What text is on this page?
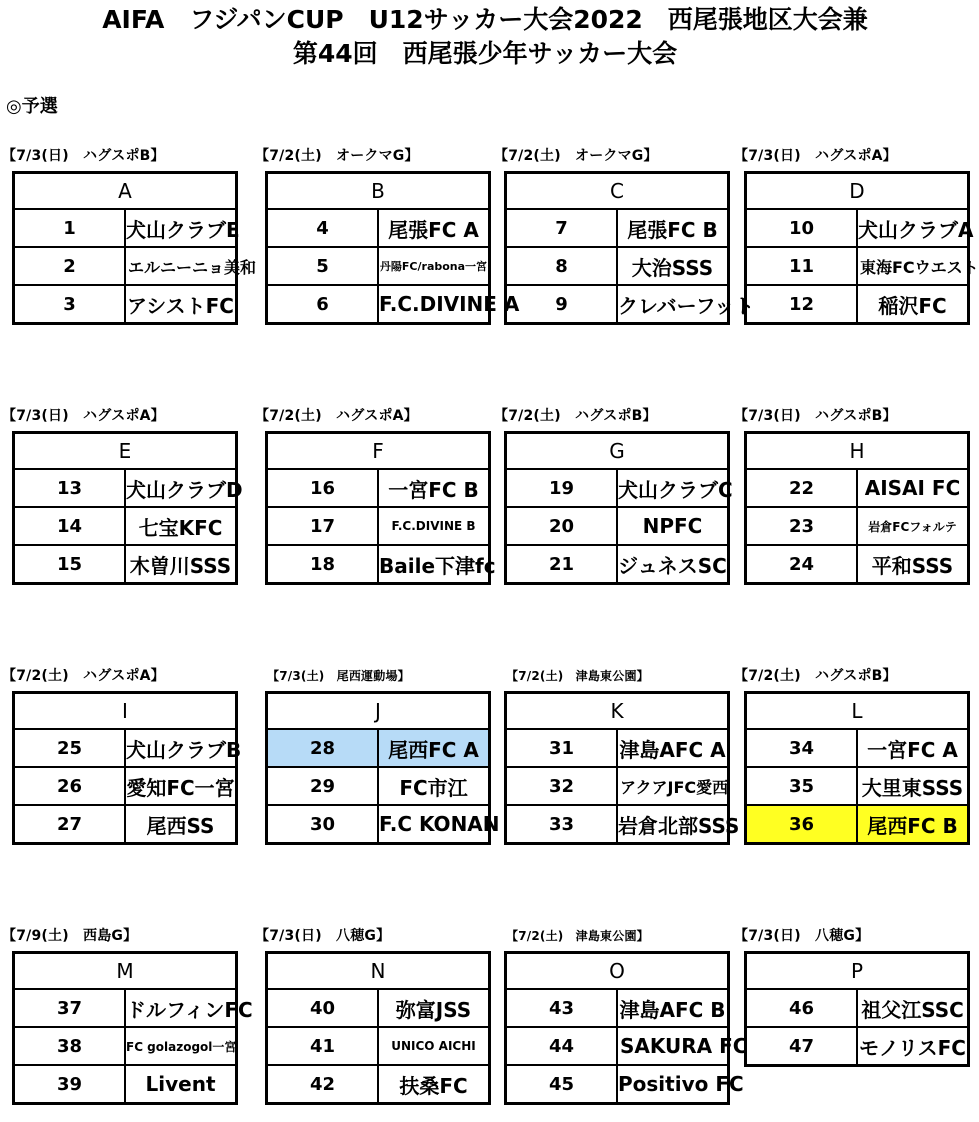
AIFA　フジパンCUP　U12サッカー大会2022　西尾張地区大会兼
第44回　西尾張少年サッカー大会
◎予選
【7/3(日)　ハグスポB】
A	
1	犬山クラブE
2	エルニーニョ美和
3	アシストFC
【7/2(土)　オークマG】
B	
4	尾張FC A
5	丹陽FC/rabona一宮
6	F.C.DIVINE A
【7/2(土)　オークマG】
C	
7	尾張FC B
8	大治SSS
9	クレバーフット
【7/3(日)　ハグスポA】
D	
10	犬山クラブA
11	東海FCウエスト
12	稲沢FC
【7/3(日)　ハグスポA】
E	
13	犬山クラブD
14	七宝KFC
15	木曽川SSS
【7/2(土)　ハグスポA】
F	
16	一宮FC B
17	F.C.DIVINE B
18	Baile下津fc
【7/2(土)　ハグスポB】
G	
19	犬山クラブC
20	NPFC
21	ジュネスSC
【7/3(日)　ハグスポB】
H	
22	AISAI FC
23	岩倉FCフォルテ
24	平和SSS
【7/2(土)　ハグスポA】
I	
25	犬山クラブB
26	愛知FC一宮
27	尾西SS
【7/3(土)　尾西運動場】
J	
28	尾西FC A
29	FC市江
30	F.C KONAN
【7/2(土)　津島東公園】
K	
31	津島AFC A
32	アクアJFC愛西
33	岩倉北部SSS
【7/2(土)　ハグスポB】
L	
34	一宮FC A
35	大里東SSS
36	尾西FC B
【7/9(土)　西島G】
M	
37	ドルフィンFC
38	FC golazogol一宮
39	Livent
【7/3(日)　八穂G】
N	
40	弥富JSS
41	UNICO AICHI
42	扶桑FC
【7/2(土)　津島東公園】
O	
43	津島AFC B
44	SAKURA FC
45	Positivo FC
【7/3(日)　八穂G】
P	
46	祖父江SSC
47	モノリスFC
